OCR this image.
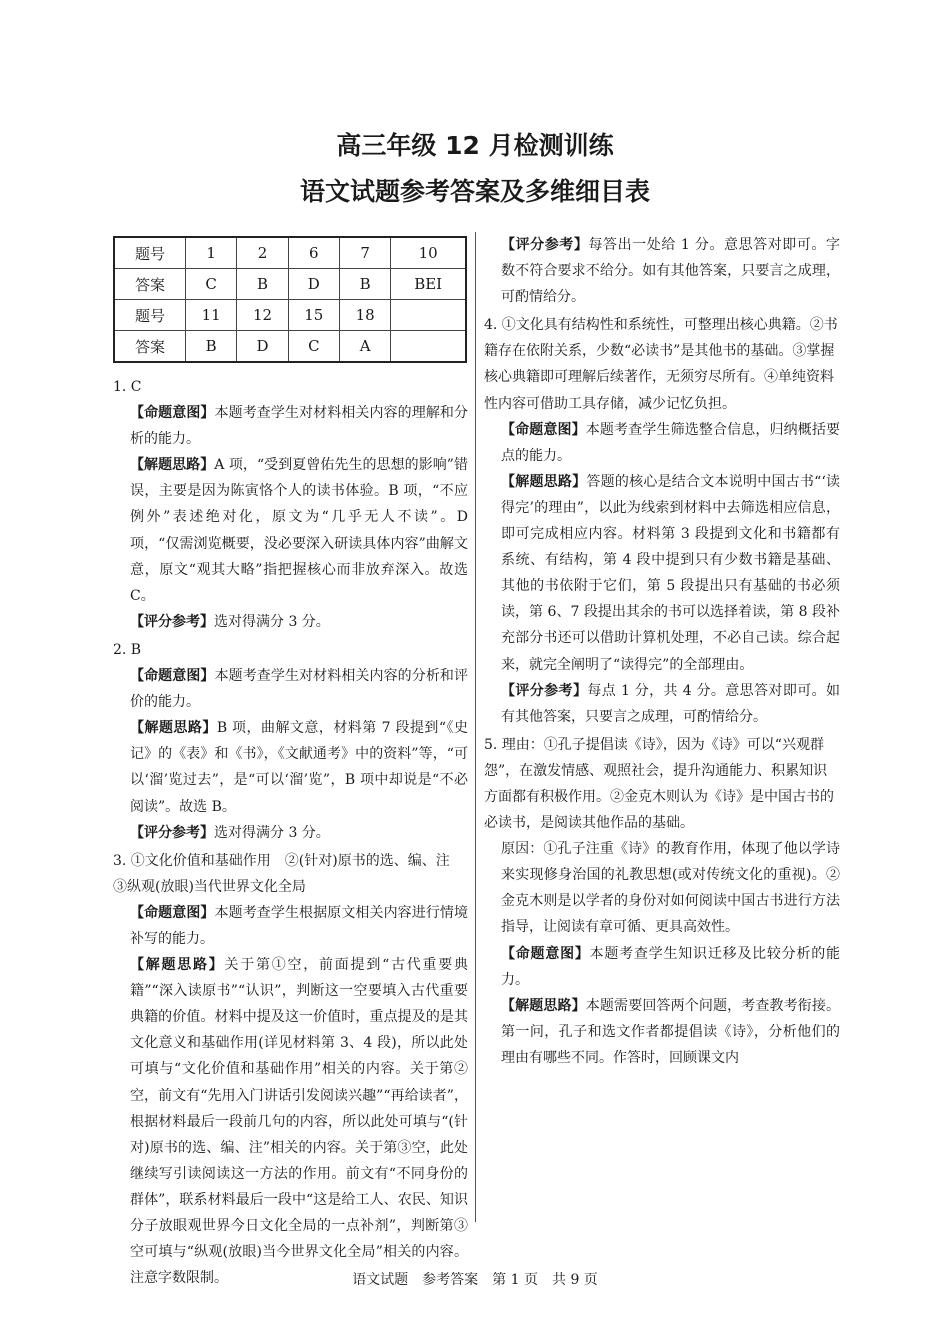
高三年级 12 月检测训练
语文试题参考答案及多维细目表
题号	1	2	6	7	10
答案	C	B	D	B	BEI
题号	11	12	15	18	
答案	B	D	C	A	
1. C
【命题意图】本题考查学生对材料相关内容的理解和分析的能力。
【解题思路】A 项，“受到夏曾佑先生的思想的影响”错误，主要是因为陈寅恪个人的读书体验。B 项，“不应例外”表述绝对化，原文为“几乎无人不读”。D 项，“仅需浏览概要，没必要深入研读具体内容”曲解文意，原文“观其大略”指把握核心而非放弃深入。故选 C。
【评分参考】选对得满分 3 分。
2. B
【命题意图】本题考查学生对材料相关内容的分析和评价的能力。
【解题思路】B 项，曲解文意，材料第 7 段提到“《史记》的《表》和《书》，《文献通考》中的资料”等，“可以‘溜’览过去”，是“可以‘溜’览”，B 项中却说是“不必阅读”。故选 B。
【评分参考】选对得满分 3 分。
3. ①文化价值和基础作用　②(针对)原书的选、编、注　③纵观(放眼)当代世界文化全局
【命题意图】本题考查学生根据原文相关内容进行情境补写的能力。
【解题思路】关于第①空，前面提到“古代重要典籍”“深入读原书”“认识”，判断这一空要填入古代重要典籍的价值。材料中提及这一价值时，重点提及的是其文化意义和基础作用(详见材料第 3、4 段)，所以此处可填与“文化价值和基础作用”相关的内容。关于第②空，前文有“先用入门讲话引发阅读兴趣”“再给读者”，根据材料最后一段前几句的内容，所以此处可填与“(针对)原书的选、编、注”相关的内容。关于第③空，此处继续写引读阅读这一方法的作用。前文有“不同身份的群体”，联系材料最后一段中“这是给工人、农民、知识分子放眼观世界今日文化全局的一点补剂”，判断第③空可填与“纵观(放眼)当今世界文化全局”相关的内容。注意字数限制。
【评分参考】每答出一处给 1 分。意思答对即可。字数不符合要求不给分。如有其他答案，只要言之成理，可酌情给分。
4. ①文化具有结构性和系统性，可整理出核心典籍。②书籍存在依附关系，少数“必读书”是其他书的基础。③掌握核心典籍即可理解后续著作，无须穷尽所有。④单纯资料性内容可借助工具存储，减少记忆负担。
【命题意图】本题考查学生筛选整合信息，归纳概括要点的能力。
【解题思路】答题的核心是结合文本说明中国古书“‘读得完’的理由”，以此为线索到材料中去筛选相应信息，即可完成相应内容。材料第 3 段提到文化和书籍都有系统、有结构，第 4 段中提到只有少数书籍是基础、其他的书依附于它们，第 5 段提出只有基础的书必须读，第 6、7 段提出其余的书可以选择着读，第 8 段补充部分书还可以借助计算机处理，不必自己读。综合起来，就完全阐明了“读得完”的全部理由。
【评分参考】每点 1 分，共 4 分。意思答对即可。如有其他答案，只要言之成理，可酌情给分。
5. 理由：①孔子提倡读《诗》，因为《诗》可以“兴观群怨”，在激发情感、观照社会，提升沟通能力、积累知识方面都有积极作用。②金克木则认为《诗》是中国古书的必读书，是阅读其他作品的基础。
原因：①孔子注重《诗》的教育作用，体现了他以学诗来实现修身治国的礼教思想(或对传统文化的重视)。②金克木则是以学者的身份对如何阅读中国古书进行方法指导，让阅读有章可循、更具高效性。
【命题意图】本题考查学生知识迁移及比较分析的能力。
【解题思路】本题需要回答两个问题，考查教考衔接。第一问，孔子和选文作者都提倡读《诗》，分析他们的理由有哪些不同。作答时，回顾课文内
语文试题　参考答案　第 1 页　共 9 页
